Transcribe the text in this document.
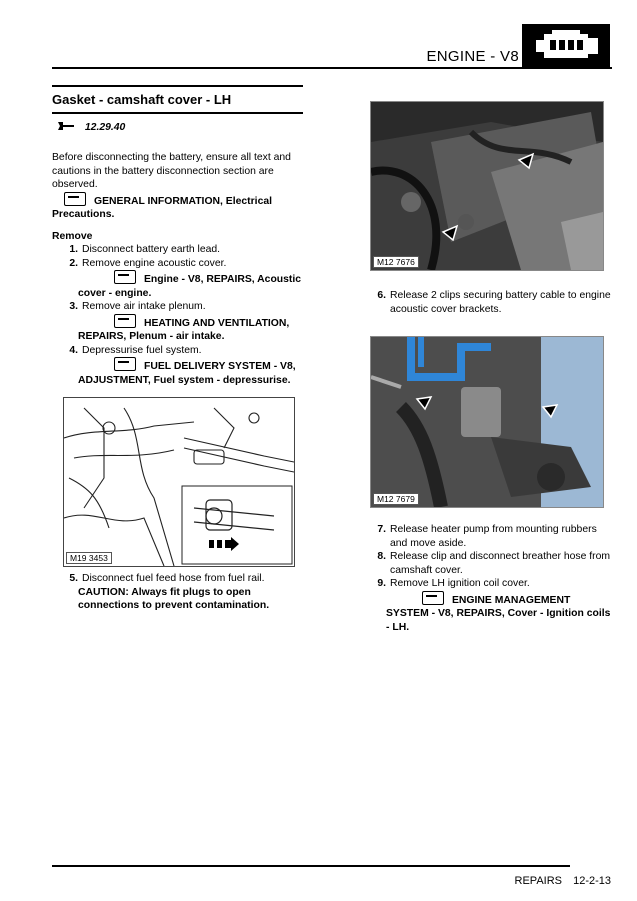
ENGINE - V8
Gasket - camshaft cover - LH
12.29.40
Before disconnecting the battery, ensure all text and cautions in the battery disconnection section are observed.
GENERAL INFORMATION, Electrical Precautions.
Remove
1. Disconnect battery earth lead.
2. Remove engine acoustic cover.
Engine - V8, REPAIRS, Acoustic cover - engine.
3. Remove air intake plenum.
HEATING AND VENTILATION, REPAIRS, Plenum - air intake.
4. Depressurise fuel system.
FUEL DELIVERY SYSTEM - V8, ADJUSTMENT, Fuel system - depressurise.
M19 3453
5. Disconnect fuel feed hose from fuel rail.
CAUTION: Always fit plugs to open connections to prevent contamination.
M12 7676
6. Release 2 clips securing battery cable to engine acoustic cover brackets.
M12 7679
7. Release heater pump from mounting rubbers and move aside.
8. Release clip and disconnect breather hose from camshaft cover.
9. Remove LH ignition coil cover.
ENGINE MANAGEMENT SYSTEM - V8, REPAIRS, Cover - Ignition coils - LH.
REPAIRS 12-2-13
